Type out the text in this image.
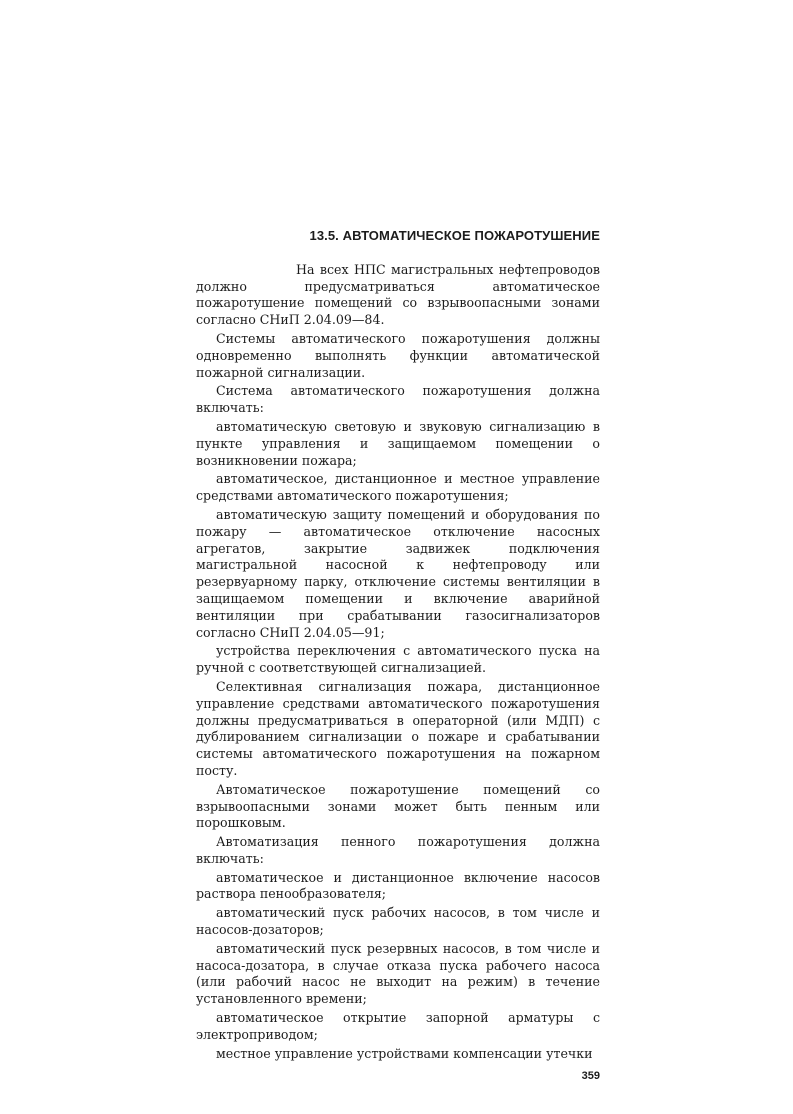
13.5. АВТОМАТИЧЕСКОЕ ПОЖАРОТУШЕНИЕ

На всех НПС магистральных нефтепроводов должно предусматриваться автоматическое пожаротушение помещений со взрывоопасными зонами согласно СНиП 2.04.09—84.

Системы автоматического пожаротушения должны одновременно выполнять функции автоматической пожарной сигнализации.

Система автоматического пожаротушения должна включать:

автоматическую световую и звуковую сигнализацию в пункте управления и защищаемом помещении о возникновении пожара;

автоматическое, дистанционное и местное управление средствами автоматического пожаротушения;

автоматическую защиту помещений и оборудования по пожару — автоматическое отключение насосных агрегатов, закрытие задвижек подключения магистральной насосной к нефтепроводу или резервуарному парку, отключение системы вентиляции в защищаемом помещении и включение аварийной вентиляции при срабатывании газосигнализаторов согласно СНиП 2.04.05—91;

устройства переключения с автоматического пуска на ручной с соответствующей сигнализацией.

Селективная сигнализация пожара, дистанционное управление средствами автоматического пожаротушения должны предусматриваться в операторной (или МДП) с дублированием сигнализации о пожаре и срабатывании системы автоматического пожаротушения на пожарном посту.

Автоматическое пожаротушение помещений со взрывоопасными зонами может быть пенным или порошковым.

Автоматизация пенного пожаротушения должна включать:

автоматическое и дистанционное включение насосов раствора пенообразователя;

автоматический пуск рабочих насосов, в том числе и насосов-дозаторов;

автоматический пуск резервных насосов, в том числе и насоса-дозатора, в случае отказа пуска рабочего насоса (или рабочий насос не выходит на режим) в течение установленного времени;

автоматическое открытие запорной арматуры с электроприводом;

местное управление устройствами компенсации утечки

359
